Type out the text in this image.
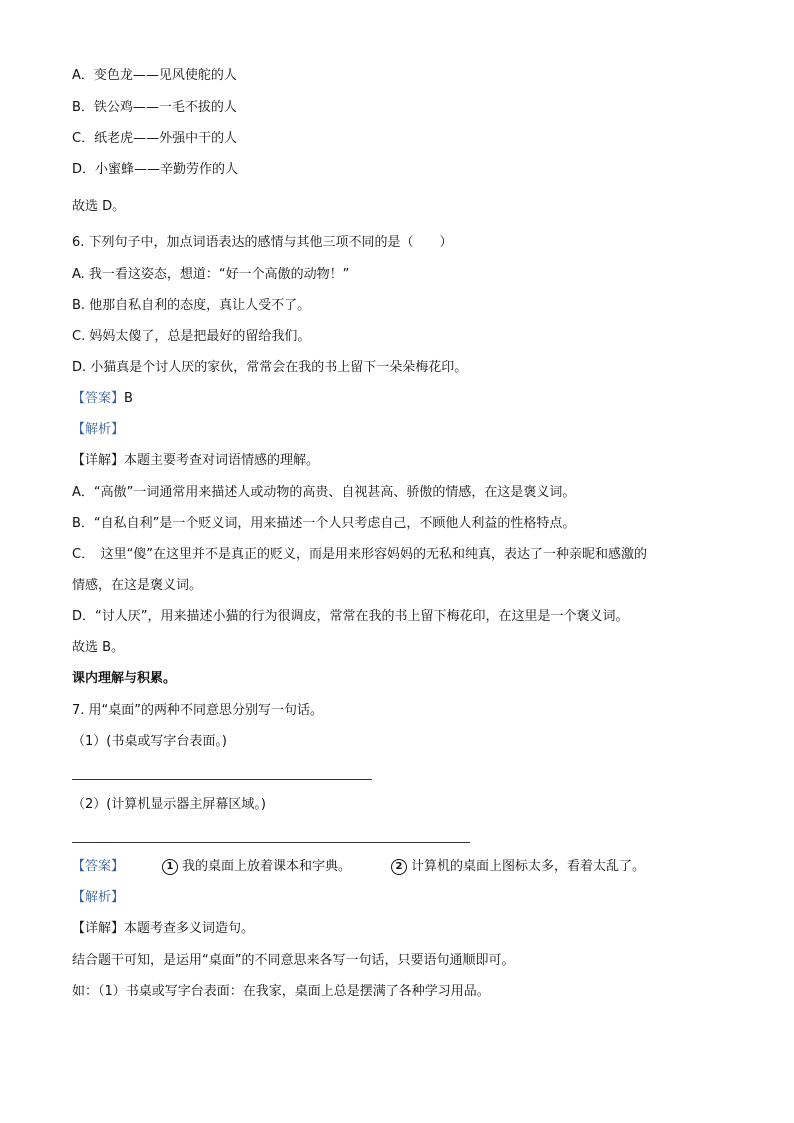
A．变色龙——见风使舵的人
B．铁公鸡——一毛不拔的人
C．纸老虎——外强中干的人
D．小蜜蜂——辛勤劳作的人
故选 D。
6. 下列句子中，加点词语表达的感情与其他三项不同的是（　　）
A. 我一看这姿态，想道：“好一个高傲的动物！”
B. 他那自私自利的态度，真让人受不了。
C. 妈妈太傻了，总是把最好的留给我们。
D. 小猫真是个讨人厌的家伙，常常会在我的书上留下一朵朵梅花印。
【答案】B
【解析】
【详解】本题主要考查对词语情感的理解。
A．“高傲”一词通常用来描述人或动物的高贵、自视甚高、骄傲的情感，在这是褒义词。
B．“自私自利”是一个贬义词，用来描述一个人只考虑自己，不顾他人利益的性格特点。
C．　这里“傻”在这里并不是真正的贬义，而是用来形容妈妈的无私和纯真，表达了一种亲昵和感激的
情感，在这是褒义词。
D．“讨人厌”，用来描述小猫的行为很调皮，常常在我的书上留下梅花印，在这里是一个褒义词。
故选 B。
课内理解与积累。
7. 用“桌面”的两种不同意思分别写一句话。
（1）(书桌或写字台表面。)
（2）(计算机显示器主屏幕区域。)
【答案】	1 我的桌面上放着课本和字典。	2 计算机的桌面上图标太多，看着太乱了。
【解析】
【详解】本题考查多义词造句。
结合题干可知，是运用“桌面”的不同意思来各写一句话，只要语句通顺即可。
如：（1）书桌或写字台表面：在我家，桌面上总是摆满了各种学习用品。
